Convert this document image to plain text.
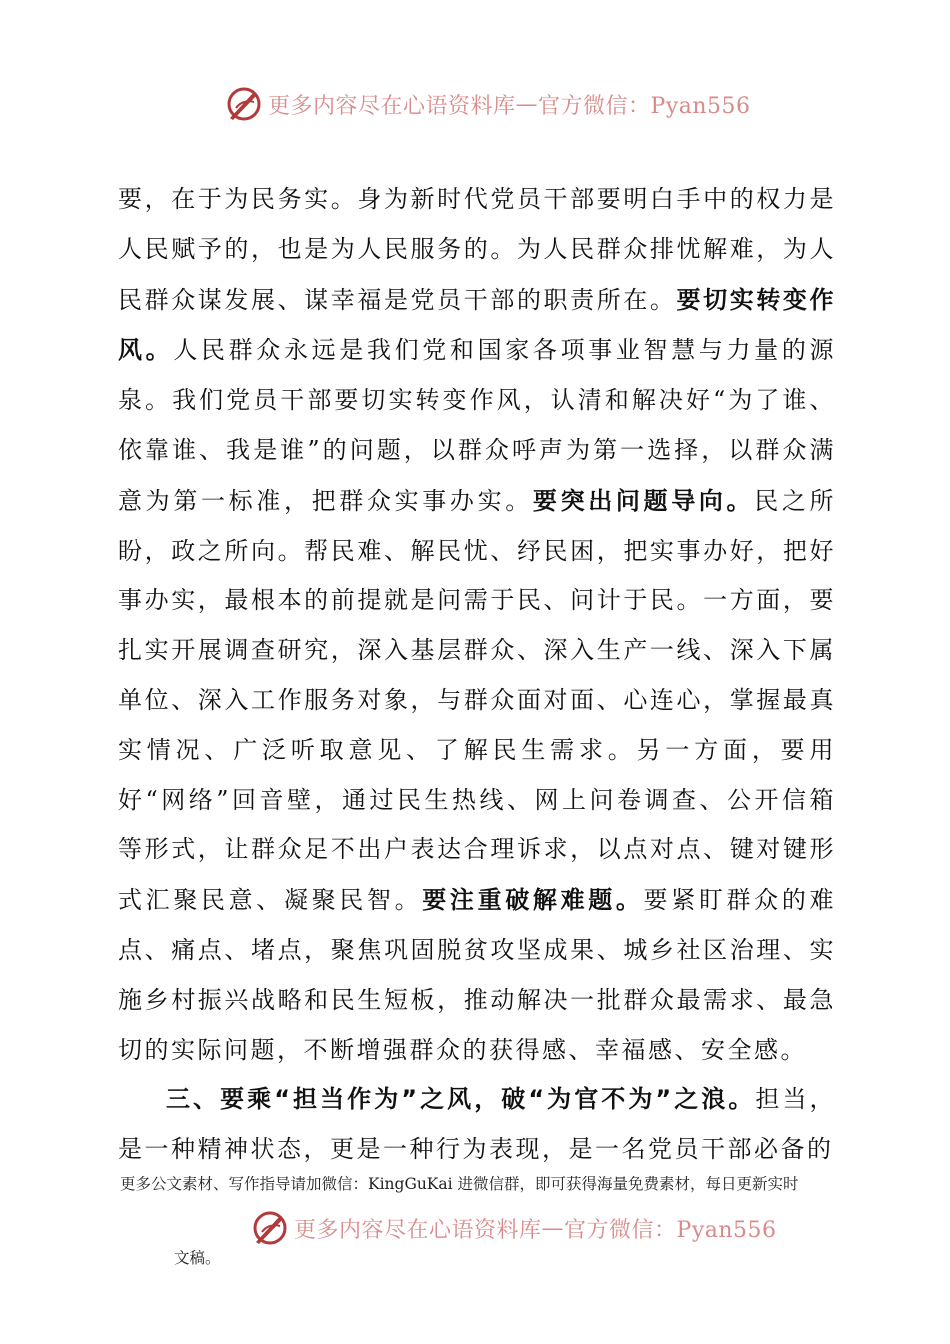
更多内容尽在心语资料库 — 官方微信：Pyan556

要，在于为民务实。身为新时代党员干部要明白手中的权力是人民赋予的，也是为人民服务的。为人民群众排忧解难，为人民群众谋发展、谋幸福是党员干部的职责所在。要切实转变作风。人民群众永远是我们党和国家各项事业智慧与力量的源泉。我们党员干部要切实转变作风，认清和解决好“为了谁、依靠谁、我是谁”的问题，以群众呼声为第一选择，以群众满意为第一标准，把群众实事办实。要突出问题导向。民之所盼，政之所向。帮民难、解民忧、纾民困，把实事办好，把好事办实，最根本的前提就是问需于民、问计于民。一方面，要扎实开展调查研究，深入基层群众、深入生产一线、深入下属单位、深入工作服务对象，与群众面对面、心连心，掌握最真实情况、广泛听取意见、了解民生需求。另一方面，要用好“网络”回音壁，通过民生热线、网上问卷调查、公开信箱等形式，让群众足不出户表达合理诉求，以点对点、键对键形式汇聚民意、凝聚民智。要注重破解难题。要紧盯群众的难点、痛点、堵点，聚焦巩固脱贫攻坚成果、城乡社区治理、实施乡村振兴战略和民生短板，推动解决一批群众最需求、最急切的实际问题，不断增强群众的获得感、幸福感、安全感。

三、要乘“担当作为”之风，破“为官不为”之浪。担当，是一种精神状态，更是一种行为表现，是一名党员干部必备的

更多公文素材、写作指导请加微信：KingGuKai 进微信群，即可获得海量免费素材，每日更新实时
更多内容尽在心语资料库 — 官方微信：Pyan556
文稿。
